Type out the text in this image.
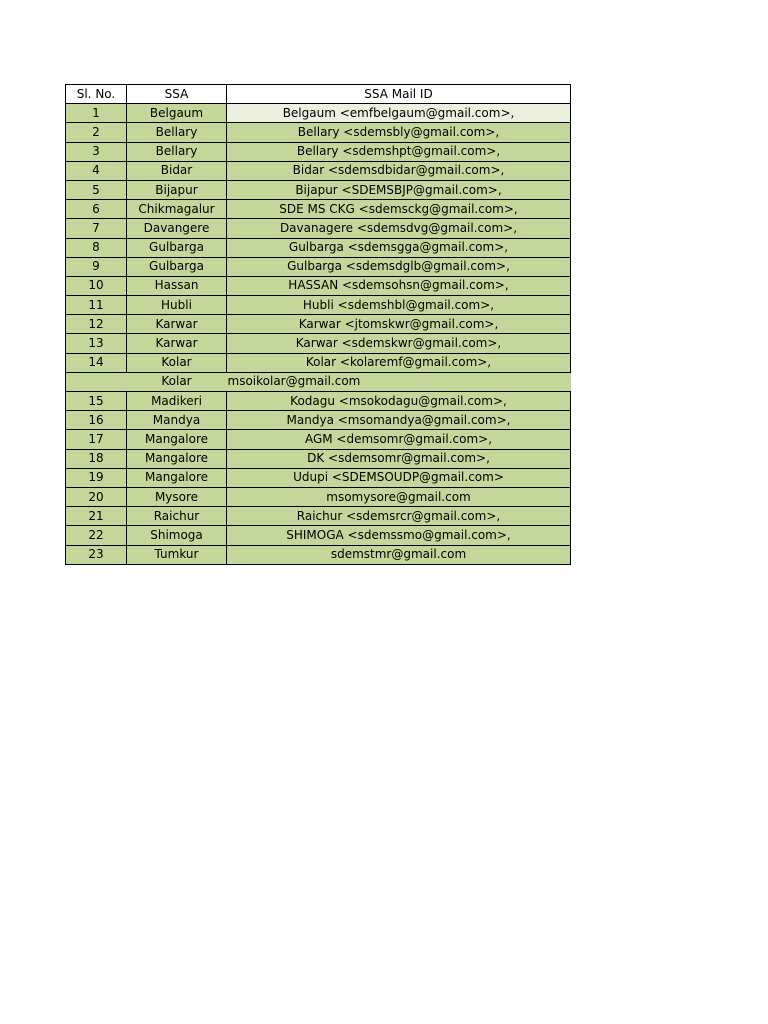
Sl. No.	SSA	SSA Mail ID
1	Belgaum	Belgaum <emfbelgaum@gmail.com>,
2	Bellary	Bellary <sdemsbly@gmail.com>,
3	Bellary	Bellary <sdemshpt@gmail.com>,
4	Bidar	Bidar <sdemsdbidar@gmail.com>,
5	Bijapur	Bijapur <SDEMSBJP@gmail.com>,
6	Chikmagalur	SDE MS CKG <sdemsckg@gmail.com>,
7	Davangere	Davanagere <sdemsdvg@gmail.com>,
8	Gulbarga	Gulbarga <sdemsgga@gmail.com>,
9	Gulbarga	Gulbarga <sdemsdglb@gmail.com>,
10	Hassan	HASSAN <sdemsohsn@gmail.com>,
11	Hubli	Hubli <sdemshbl@gmail.com>,
12	Karwar	Karwar <jtomskwr@gmail.com>,
13	Karwar	Karwar <sdemskwr@gmail.com>,
14	Kolar	Kolar <kolaremf@gmail.com>,
	Kolar	msoikolar@gmail.com
15	Madikeri	Kodagu <msokodagu@gmail.com>,
16	Mandya	Mandya <msomandya@gmail.com>,
17	Mangalore	AGM <demsomr@gmail.com>,
18	Mangalore	DK <sdemsomr@gmail.com>,
19	Mangalore	Udupi <SDEMSOUDP@gmail.com>
20	Mysore	msomysore@gmail.com
21	Raichur	Raichur <sdemsrcr@gmail.com>,
22	Shimoga	SHIMOGA <sdemssmo@gmail.com>,
23	Tumkur	sdemstmr@gmail.com
